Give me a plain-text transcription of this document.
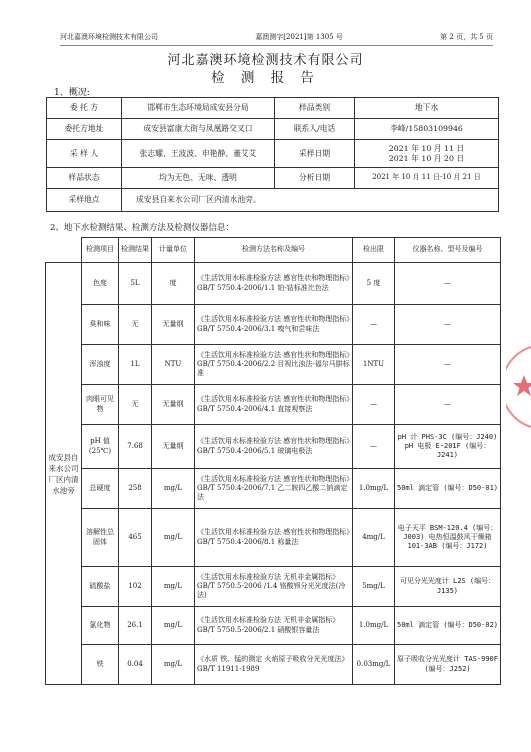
河北嘉澳环境检测技术有限公司	嘉澳测字[2021]第 1305 号	第 2 页，共 5 页
河北嘉澳环境检测技术有限公司
检 测 报 告
1、概况:
委 托 方	邯郸市生态环境局成安县分局	样品类别	地下水
委托方地址	成安县富康大街与凤凰路交叉口	联系人/电话	李峰/15803109946
采 样 人	张志耀、王波波、申艳静、董艾艾	采样日期	2021 年 10 月 11 日
2021 年 10 月 20 日

样品状态	均为无色、无味、透明	分析日期	2021 年 10 月 11 日-10 月 21 日
采样地点	成安县自来水公司厂区内清水池旁。		
2、地下水检测结果、检测方法及检测仪器信息：
	检测项目	检测结果	计量单位	检测方法名称及编号	检出限	仪器名称、型号及编号
成安县自来水公司厂区内清水池旁	色度	5L	度	《生活饮用水标准检验方法 感官性状和物理指标》GB/T 5750.4-2006/1.1 铂-钴标准比色法	5 度	—
	臭和味	无	无量纲	《生活饮用水标准检验方法 感官性状和物理指标》GB/T 5750.4-2006/3.1 嗅气和尝味法	—	—
	浑浊度	1L	NTU	《生活饮用水标准检验方法 感官性状和物理指标》GB/T 5750.4-2006/2.2 目视比浊法-福尔马肼标准	1NTU	—
	肉眼可见物	无	无量纲	《生活饮用水标准检验方法 感官性状和物理指标》GB/T 5750.4-2006/4.1 直接观察法	—	—
	pH 值(25℃)	7.68	无量纲	《生活饮用水标准检验方法 感官性状和物理指标》GB/T 5750.4-2006/5.1 玻璃电极法	—	pH 计 PHS-3C (编号：J240) pH 电极 E-201F (编号：J241)
	总硬度	258	mg/L	《生活饮用水标准检验方法 感官性状和物理指标》GB/T 5750.4-2006/7.1 乙二胺四乙酸二钠滴定法	1.0mg/L	50ml 滴定管 (编号：D50-01)
	溶解性总固体	465	mg/L	《生活饮用水标准检验方法 感官性状和物理指标》GB/T 5750.4-2006/8.1 称量法	4mg/L	电子天平 BSM-120.4 (编号：J003) 电热恒温鼓风干燥箱 101-3AB (编号：J172)
	硫酸盐	102	mg/L	《生活饮用水标准检验方法 无机非金属指标》GB/T 5750.5-2006 /1.4 铬酸钡分光光度法(冷法)	5mg/L	可见分光光度计 L2S (编号：J135)
	氯化物	26.1	mg/L	《生活饮用水标准检验方法 无机非金属指标》GB/T 5750.5-2006/2.1 硝酸银容量法	1.0mg/L	50ml 滴定管 (编号：D50-02)
	铁	0.04	mg/L	《水质 铁、锰的测定 火焰原子吸收分光光度法》 GB/T 11911-1989	0.03mg/L	原子吸收分光光度计 TAS-990F (编号：J252)
